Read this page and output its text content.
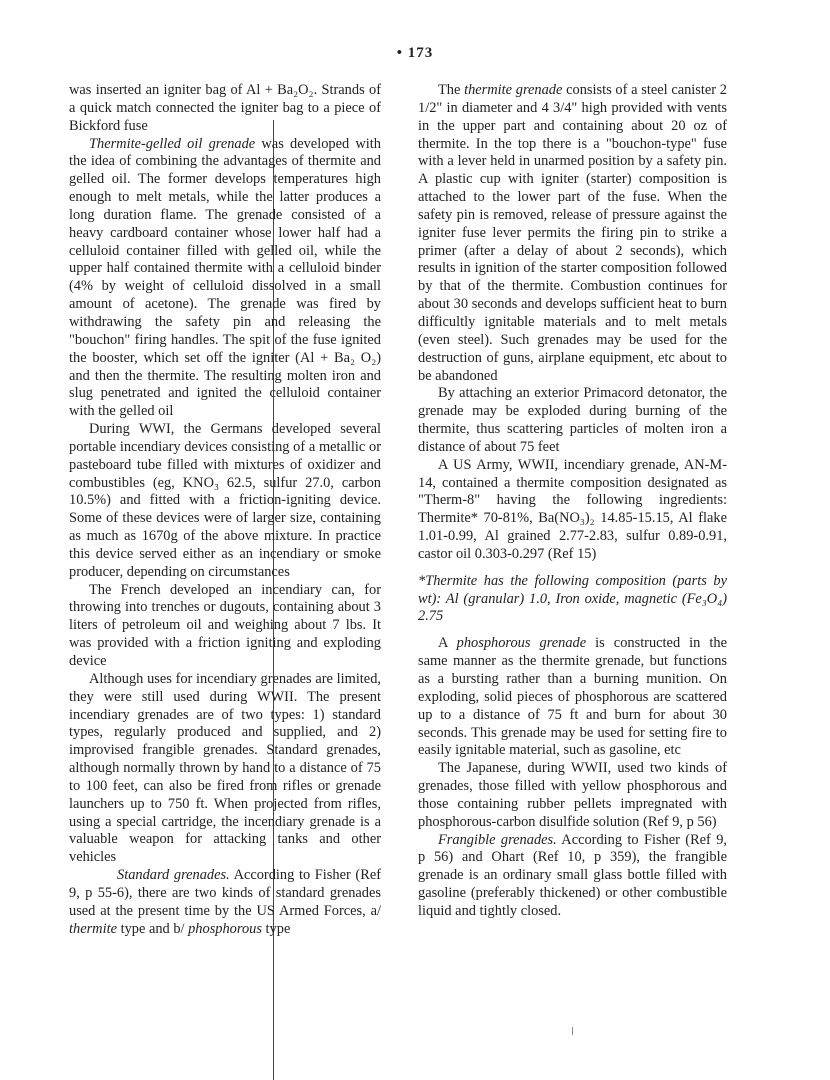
• 173

was inserted an igniter bag of Al + Ba₂O₂. Strands of a quick match connected the igniter bag to a piece of Bickford fuse

Thermite-gelled oil grenade was developed with the idea of combining the advantages of thermite and gelled oil. The former develops temperatures high enough to melt metals, while the latter produces a long duration flame. The grenade consisted of a heavy cardboard container whose lower half had a celluloid container filled with gelled oil, while the upper half contained thermite with a celluloid binder (4% by weight of celluloid dissolved in a small amount of acetone). The grenade was fired by withdrawing the safety pin and releasing the "bouchon" firing handles. The spit of the fuse ignited the booster, which set off the igniter (Al + Ba₂ O₂) and then the thermite. The resulting molten iron and slug penetrated and ignited the celluloid container with the gelled oil

During WWI, the Germans developed several portable incendiary devices consisting of a metallic or pasteboard tube filled with mixtures of oxidizer and combustibles (eg, KNO₃ 62.5, sulfur 27.0, carbon 10.5%) and fitted with a friction-igniting device. Some of these devices were of larger size, containing as much as 1670g of the above mixture. In practice this device served either as an incendiary or smoke producer, depending on circumstances

The French developed an incendiary can, for throwing into trenches or dugouts, containing about 3 liters of petroleum oil and weighing about 7 lbs. It was provided with a friction igniting and exploding device

Although uses for incendiary grenades are limited, they were still used during WWII. The present incendiary grenades are of two types: 1) standard types, regularly produced and supplied, and 2) improvised frangible grenades. Standard grenades, although normally thrown by hand to a distance of 75 to 100 feet, can also be fired from rifles or grenade launchers up to 750 ft. When projected from rifles, using a special cartridge, the incendiary grenade is a valuable weapon for attacking tanks and other vehicles

Standard grenades. According to Fisher (Ref 9, p 55-6), there are two kinds of standard grenades used at the present time by the US Armed Forces, a/ thermite type and b/ phosphorous type

The thermite grenade consists of a steel canister 2 1/2" in diameter and 4 3/4" high provided with vents in the upper part and containing about 20 oz of thermite. In the top there is a "bouchon-type" fuse with a lever held in unarmed position by a safety pin. A plastic cup with igniter (starter) composition is attached to the lower part of the fuse. When the safety pin is removed, release of pressure against the igniter fuse lever permits the firing pin to strike a primer (after a delay of about 2 seconds), which results in ignition of the starter composition followed by that of the thermite. Combustion continues for about 30 seconds and develops sufficient heat to burn difficultly ignitable materials and to melt metals (even steel). Such grenades may be used for the destruction of guns, airplane equipment, etc about to be abandoned

By attaching an exterior Primacord detonator, the grenade may be exploded during burning of the thermite, thus scattering particles of molten iron a distance of about 75 feet

A US Army, WWII, incendiary grenade, AN-M-14, contained a thermite composition designated as "Therm-8" having the following ingredients: Thermite* 70-81%, Ba(NO₃)₂ 14.85-15.15, Al flake 1.01-0.99, Al grained 2.77-2.83, sulfur 0.89-0.91, castor oil 0.303-0.297 (Ref 15)

*Thermite has the following composition (parts by wt): Al (granular) 1.0, Iron oxide, magnetic (Fe₃O₄) 2.75

A phosphorous grenade is constructed in the same manner as the thermite grenade, but functions as a bursting rather than a burning munition. On exploding, solid pieces of phosphorous are scattered up to a distance of 75 ft and burn for about 30 seconds. This grenade may be used for setting fire to easily ignitable material, such as gasoline, etc

The Japanese, during WWII, used two kinds of grenades, those filled with yellow phosphorous and those containing rubber pellets impregnated with phosphorous-carbon disulfide solution (Ref 9, p 56)

Frangible grenades. According to Fisher (Ref 9, p 56) and Ohart (Ref 10, p 359), the frangible grenade is an ordinary small glass bottle filled with gasoline (preferably thickened) or other combustible liquid and tightly closed.
